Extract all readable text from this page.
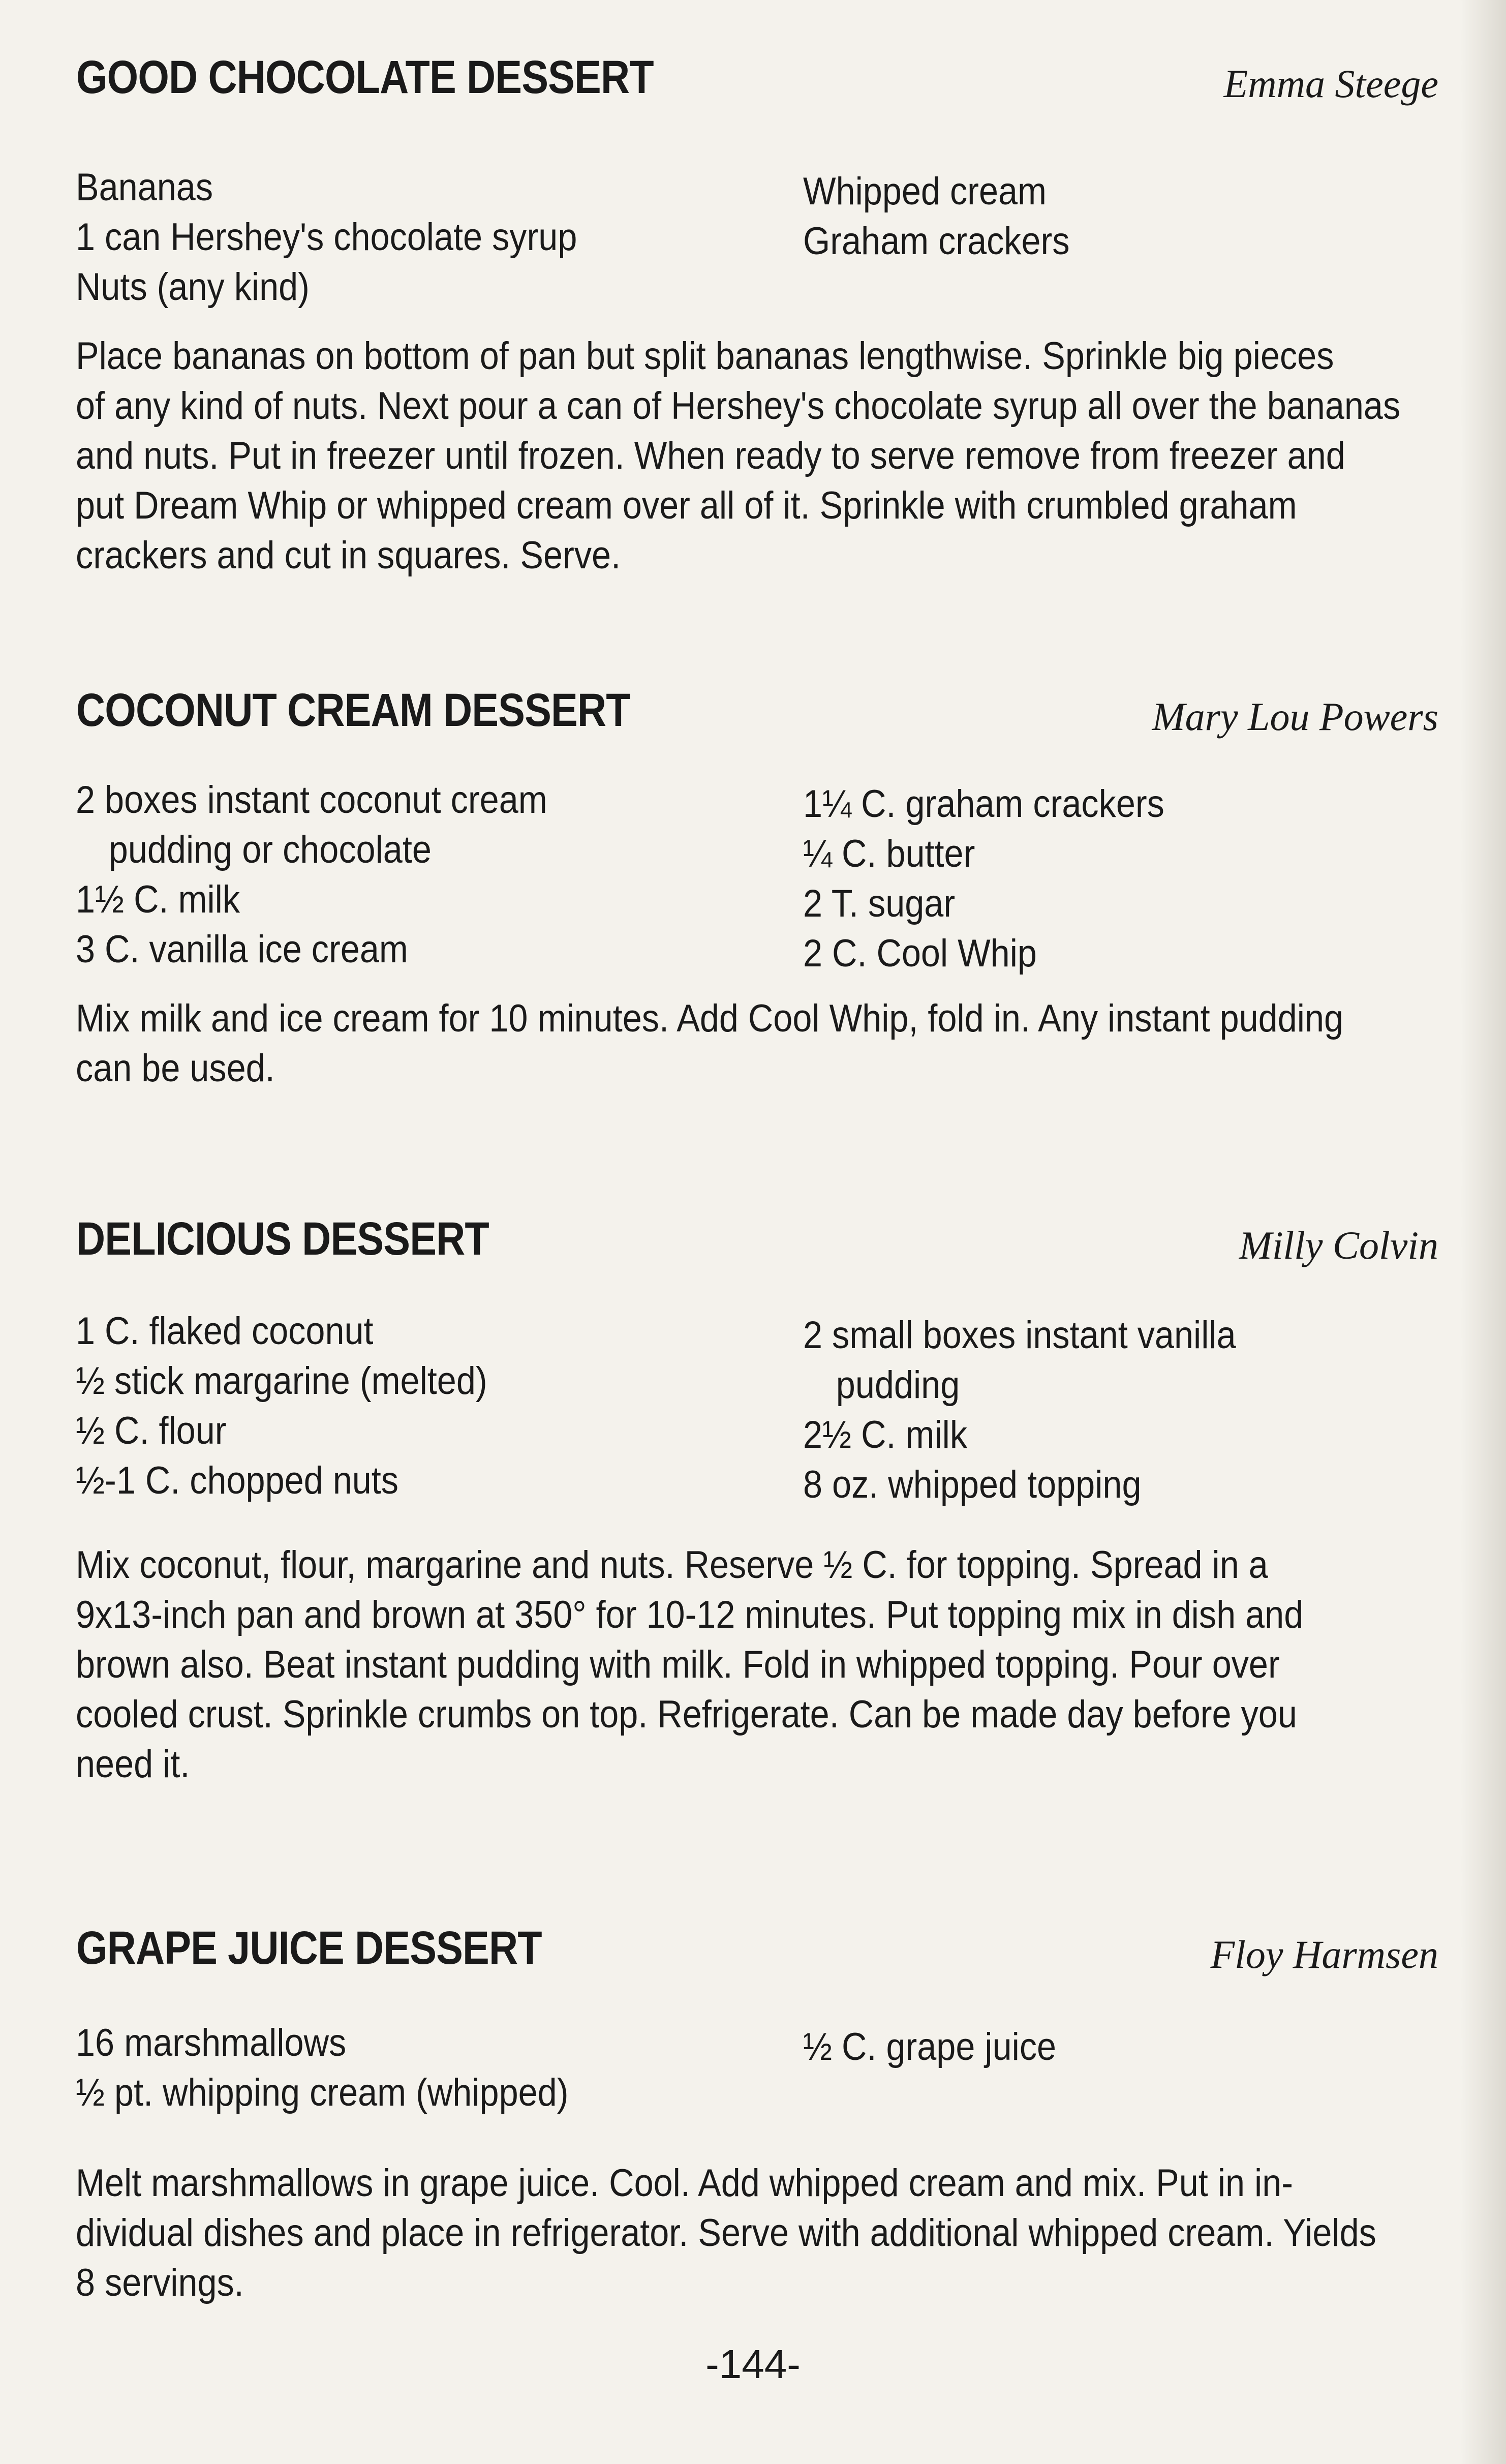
GOOD CHOCOLATE DESSERT	Emma Steege
Bananas
1 can Hershey's chocolate syrup
Nuts (any kind)
Whipped cream
Graham crackers
Place bananas on bottom of pan but split bananas lengthwise. Sprinkle big pieces
of any kind of nuts. Next pour a can of Hershey's chocolate syrup all over the bananas
and nuts. Put in freezer until frozen. When ready to serve remove from freezer and
put Dream Whip or whipped cream over all of it. Sprinkle with crumbled graham
crackers and cut in squares. Serve.
COCONUT CREAM DESSERT	Mary Lou Powers
2 boxes instant coconut cream
pudding or chocolate
1½ C. milk
3 C. vanilla ice cream
1¼ C. graham crackers
¼ C. butter
2 T. sugar
2 C. Cool Whip
Mix milk and ice cream for 10 minutes. Add Cool Whip, fold in. Any instant pudding
can be used.
DELICIOUS DESSERT	Milly Colvin
1 C. flaked coconut
½ stick margarine (melted)
½ C. flour
½-1 C. chopped nuts
2 small boxes instant vanilla
pudding
2½ C. milk
8 oz. whipped topping
Mix coconut, flour, margarine and nuts. Reserve ½ C. for topping. Spread in a
9x13-inch pan and brown at 350° for 10-12 minutes. Put topping mix in dish and
brown also. Beat instant pudding with milk. Fold in whipped topping. Pour over
cooled crust. Sprinkle crumbs on top. Refrigerate. Can be made day before you
need it.
GRAPE JUICE DESSERT	Floy Harmsen
16 marshmallows
½ pt. whipping cream (whipped)
½ C. grape juice
Melt marshmallows in grape juice. Cool. Add whipped cream and mix. Put in in-
dividual dishes and place in refrigerator. Serve with additional whipped cream. Yields
8 servings.
-144-
